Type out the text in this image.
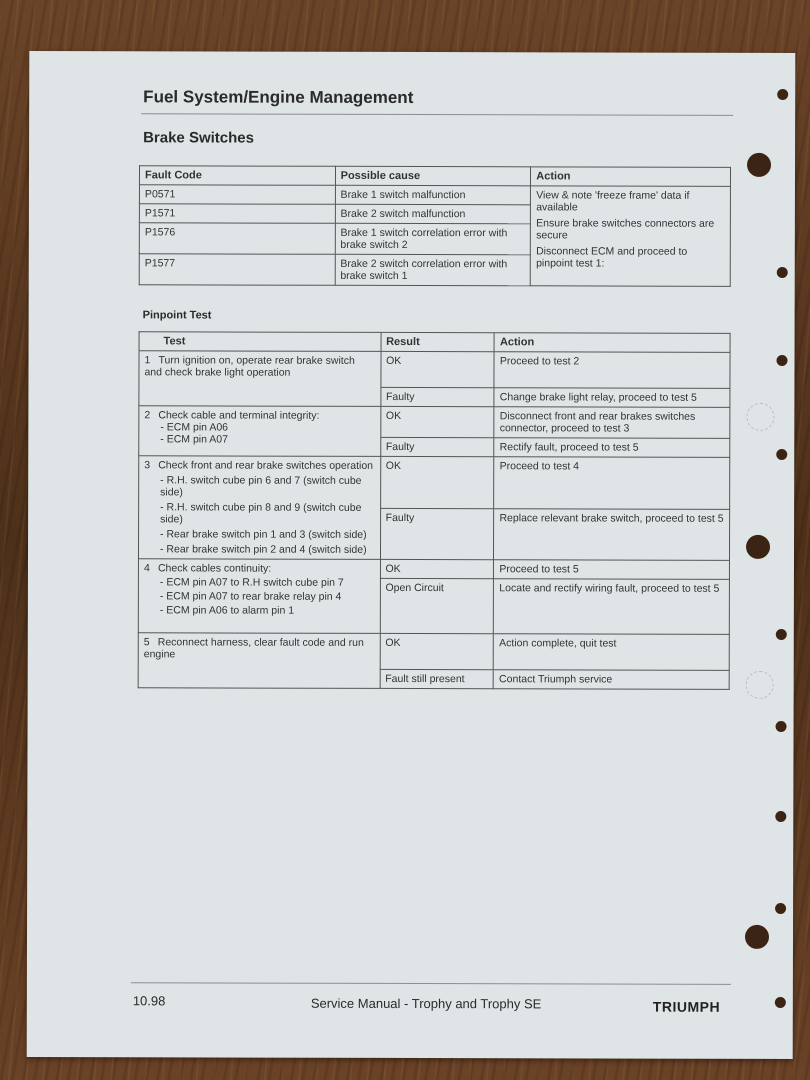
Fuel System/Engine Management
Brake Switches
Fault Code	Possible cause	Action
P0571	Brake 1 switch malfunction	View & note 'freeze frame' data if available
Ensure brake switches connectors are secure
Disconnect ECM and proceed to pinpoint test 1:

P1571	Brake 2 switch malfunction	
P1576	Brake 1 switch correlation error with brake switch 2	
P1577	Brake 2 switch correlation error with brake switch 1	
Pinpoint Test
Test	Result	Action
1 Turn ignition on, operate rear brake switch and check brake light operation	OK	Proceed to test 2
	Faulty	Change brake light relay, proceed to test 5
2 Check cable and terminal integrity:
- ECM pin A06
- ECM pin A07	OK	Disconnect front and rear brakes switches connector, proceed to test 3
	Faulty	Rectify fault, proceed to test 5
3 Check front and rear brake switches operation
- R.H. switch cube pin 6 and 7 (switch cube side)
- R.H. switch cube pin 8 and 9 (switch cube side)
- Rear brake switch pin 1 and 3 (switch side)
- Rear brake switch pin 2 and 4 (switch side)	OK	Proceed to test 4
	Faulty	Replace relevant brake switch, proceed to test 5
4 Check cables continuity:
- ECM pin A07 to R.H switch cube pin 7
- ECM pin A07 to rear brake relay pin 4
- ECM pin A06 to alarm pin 1	OK	Proceed to test 5
	Open Circuit	Locate and rectify wiring fault, proceed to test 5
5 Reconnect harness, clear fault code and run engine	OK	Action complete, quit test
	Fault still present	Contact Triumph service
10.98	Service Manual - Trophy and Trophy SE	TRIUMPH
